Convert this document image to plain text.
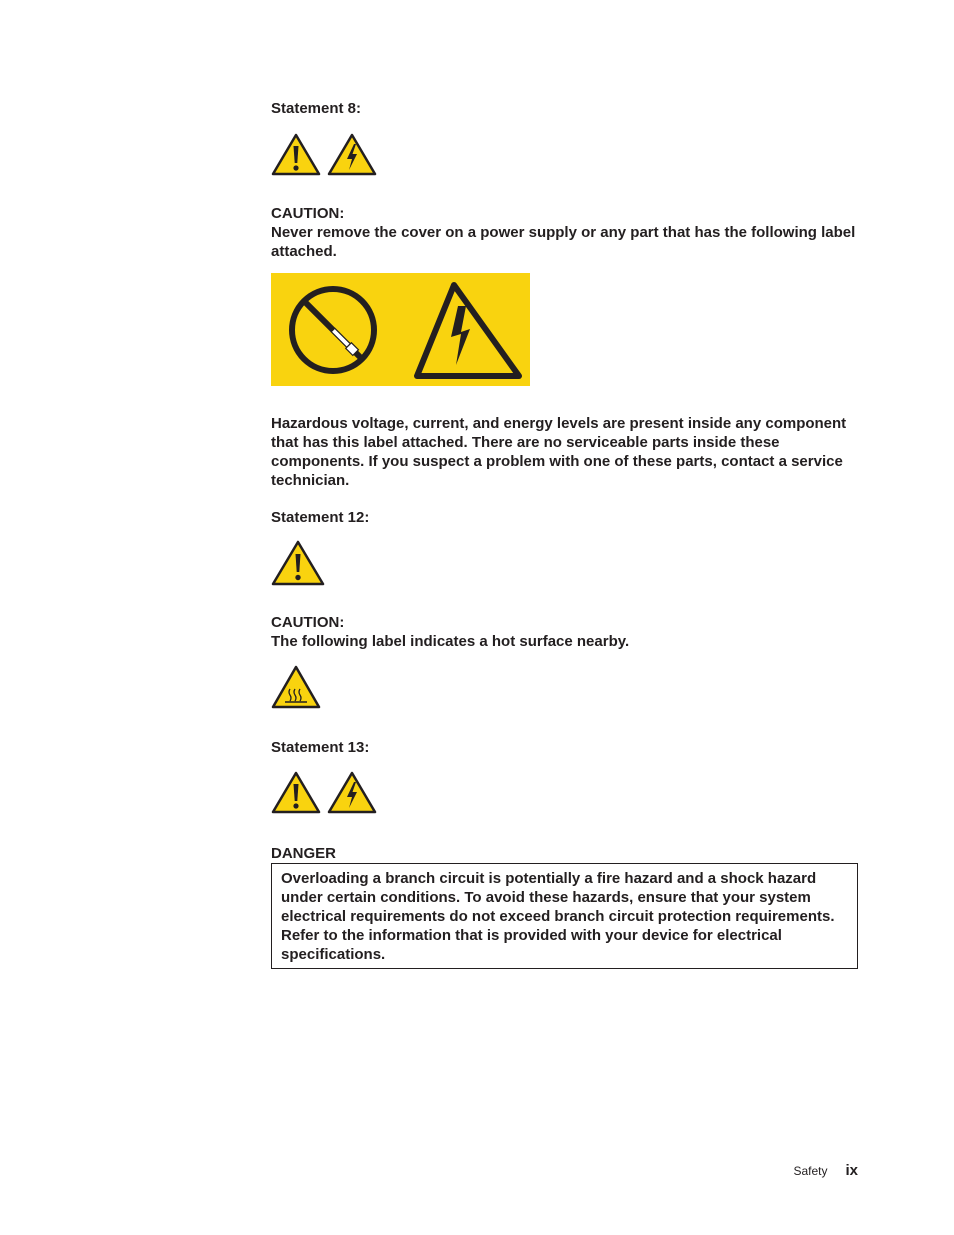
Statement 8:

CAUTION:

Never remove the cover on a power supply or any part that has the following label attached.

Hazardous voltage, current, and energy levels are present inside any component that has this label attached. There are no serviceable parts inside these components. If you suspect a problem with one of these parts, contact a service technician.

Statement 12:

CAUTION:

The following label indicates a hot surface nearby.

Statement 13:

DANGER

Overloading a branch circuit is potentially a fire hazard and a shock hazard under certain conditions. To avoid these hazards, ensure that your system electrical requirements do not exceed branch circuit protection requirements. Refer to the information that is provided with your device for electrical specifications.
Safety ix
